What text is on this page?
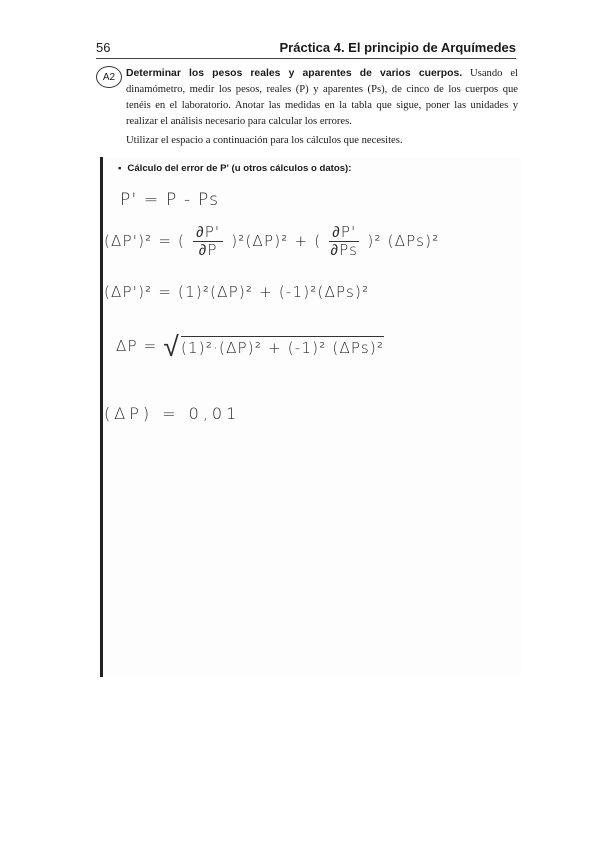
56	Práctica 4. El principio de Arquímedes
A2	Determinar los pesos reales y aparentes de varios cuerpos. Usando el dinamómetro, medir los pesos, reales (P) y aparentes (Ps), de cinco de los cuerpos que tenéis en el laboratorio. Anotar las medidas en la tabla que sigue, poner las unidades y realizar el análisis necesario para calcular los errores.
Utilizar el espacio a continuación para los cálculos que necesites.
▪ Cálculo del error de P' (u otros cálculos o datos):
P' = P - Ps
(ΔP')² = ( $\frac{\partial P'}{\partial P} )^2(\Delta P)^2$ + ( $\frac{\partial P'}{\partial Ps} )^2$ (ΔPs)²
(ΔP')² = (1)²(ΔP)² + (-1)²(ΔPs)²
ΔP = √(1)²·(ΔP)² + (-1)² (ΔPs)²
(ΔP) = 0,01
